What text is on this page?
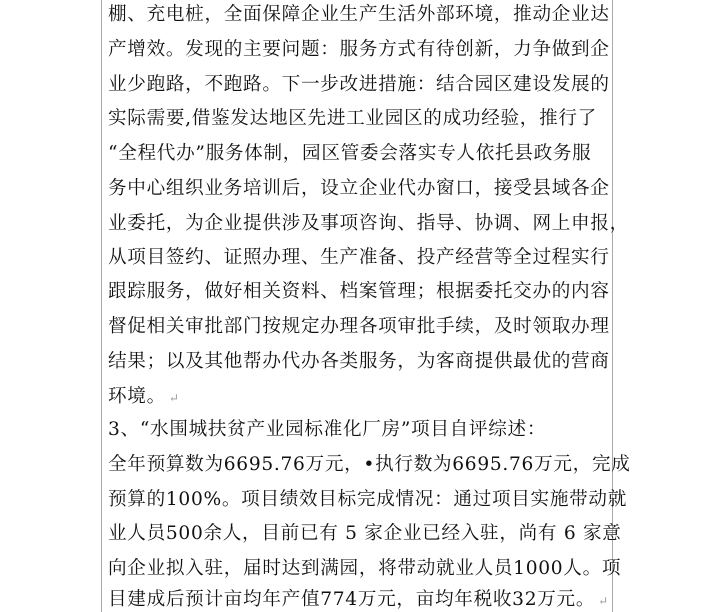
棚、充电桩，全面保障企业生产生活外部环境，推动企业达
产增效。发现的主要问题：服务方式有待创新，力争做到企
业少跑路，不跑路。下一步改进措施：结合园区建设发展的
实际需要,借鉴发达地区先进工业园区的成功经验，推行了
“全程代办”服务体制，园区管委会落实专人依托县政务服
务中心组织业务培训后，设立企业代办窗口，接受县域各企
业委托，为企业提供涉及事项咨询、指导、协调、网上申报，
从项目签约、证照办理、生产准备、投产经营等全过程实行
跟踪服务，做好相关资料、档案管理；根据委托交办的内容
督促相关审批部门按规定办理各项审批手续，及时领取办理
结果；以及其他帮办代办各类服务，为客商提供最优的营商
环境。 ↵
3、“水围城扶贫产业园标准化厂房”项目自评综述：
全年预算数为6695.76万元，•执行数为6695.76万元，完成
预算的100%。项目绩效目标完成情况：通过项目实施带动就
业人员500余人，目前已有 5 家企业已经入驻，尚有 6 家意
向企业拟入驻，届时达到满园，将带动就业人员1000人。项
目建成后预计亩均年产值774万元，亩均年税收32万元。 ↵
